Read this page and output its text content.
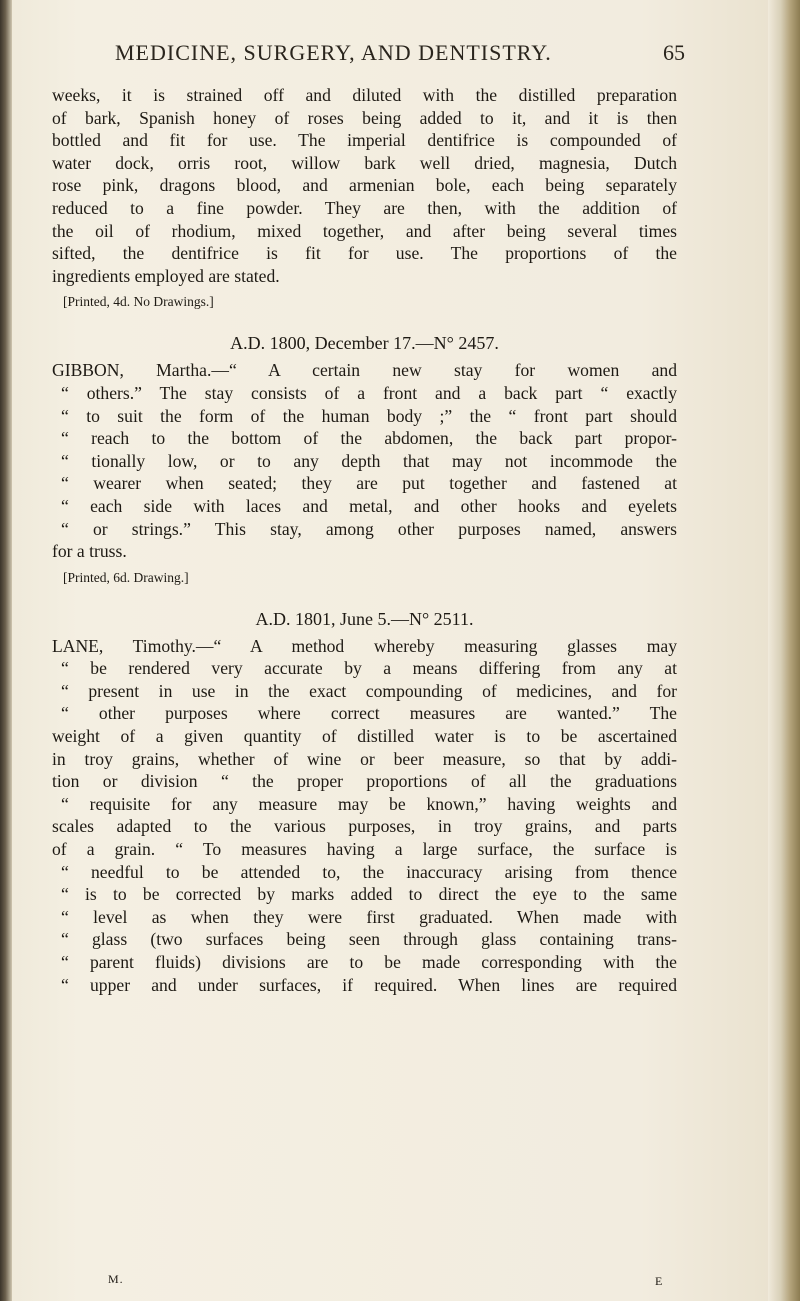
MEDICINE, SURGERY, AND DENTISTRY.	65
weeks, it is strained off and diluted with the distilled preparation
of bark, Spanish honey of roses being added to it, and it is then
bottled and fit for use. The imperial dentifrice is compounded of
water dock, orris root, willow bark well dried, magnesia, Dutch
rose pink, dragons blood, and armenian bole, each being separately
reduced to a fine powder. They are then, with the addition of
the oil of rhodium, mixed together, and after being several times
sifted, the dentifrice is fit for use. The proportions of the
ingredients employed are stated.
[Printed, 4d. No Drawings.]
A.D. 1800, December 17.—N° 2457.
GIBBON, Martha.—“ A certain new stay for women and
“ others.” The stay consists of a front and a back part “ exactly
“ to suit the form of the human body ;” the “ front part should
“ reach to the bottom of the abdomen, the back part propor-
“ tionally low, or to any depth that may not incommode the
“ wearer when seated; they are put together and fastened at
“ each side with laces and metal, and other hooks and eyelets
“ or strings.” This stay, among other purposes named, answers
for a truss.
[Printed, 6d. Drawing.]
A.D. 1801, June 5.—N° 2511.
LANE, Timothy.—“ A method whereby measuring glasses may
“ be rendered very accurate by a means differing from any at
“ present in use in the exact compounding of medicines, and for
“ other purposes where correct measures are wanted.” The
weight of a given quantity of distilled water is to be ascertained
in troy grains, whether of wine or beer measure, so that by addi-
tion or division “ the proper proportions of all the graduations
“ requisite for any measure may be known,” having weights and
scales adapted to the various purposes, in troy grains, and parts
of a grain. “ To measures having a large surface, the surface is
“ needful to be attended to, the inaccuracy arising from thence
“ is to be corrected by marks added to direct the eye to the same
“ level as when they were first graduated. When made with
“ glass (two surfaces being seen through glass containing trans-
“ parent fluids) divisions are to be made corresponding with the
“ upper and under surfaces, if required. When lines are required
M.	E
